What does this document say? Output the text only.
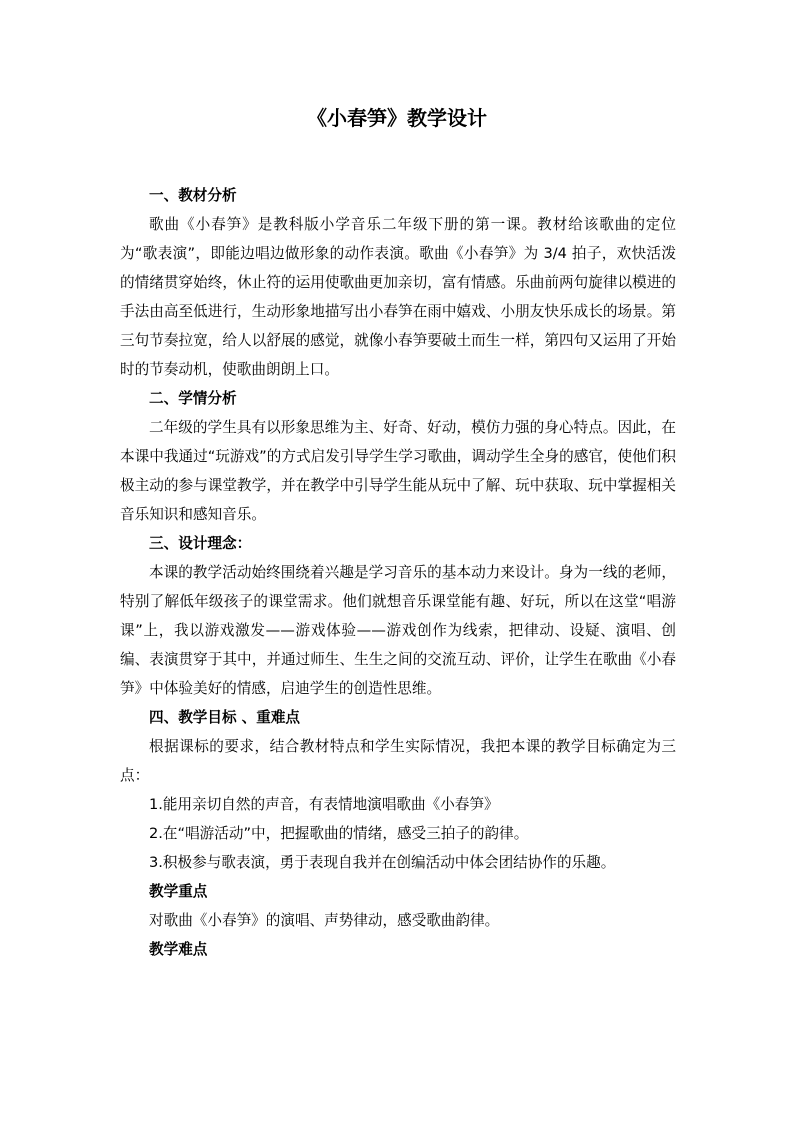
《小春笋》教学设计
一、教材分析
歌曲《小春笋》是教科版小学音乐二年级下册的第一课。教材给该歌曲的定位为“歌表演”，即能边唱边做形象的动作表演。歌曲《小春笋》为 3/4 拍子，欢快活泼的情绪贯穿始终，休止符的运用使歌曲更加亲切，富有情感。乐曲前两句旋律以模进的手法由高至低进行，生动形象地描写出小春笋在雨中嬉戏、小朋友快乐成长的场景。第三句节奏拉宽，给人以舒展的感觉，就像小春笋要破土而生一样，第四句又运用了开始时的节奏动机，使歌曲朗朗上口。
二、学情分析
二年级的学生具有以形象思维为主、好奇、好动，模仿力强的身心特点。因此，在本课中我通过“玩游戏”的方式启发引导学生学习歌曲，调动学生全身的感官，使他们积极主动的参与课堂教学，并在教学中引导学生能从玩中了解、玩中获取、玩中掌握相关音乐知识和感知音乐。
三、设计理念：
本课的教学活动始终围绕着兴趣是学习音乐的基本动力来设计。身为一线的老师，特别了解低年级孩子的课堂需求。他们就想音乐课堂能有趣、好玩，所以在这堂“唱游课”上，我以游戏激发——游戏体验——游戏创作为线索，把律动、设疑、演唱、创编、表演贯穿于其中，并通过师生、生生之间的交流互动、评价，让学生在歌曲《小春笋》中体验美好的情感，启迪学生的创造性思维。
四、教学目标 、重难点
根据课标的要求，结合教材特点和学生实际情况，我把本课的教学目标确定为三点：
1.能用亲切自然的声音，有表情地演唱歌曲《小春笋》
2.在“唱游活动”中，把握歌曲的情绪，感受三拍子的韵律。
3.积极参与歌表演，勇于表现自我并在创编活动中体会团结协作的乐趣。
教学重点
对歌曲《小春笋》的演唱、声势律动，感受歌曲韵律。
教学难点
